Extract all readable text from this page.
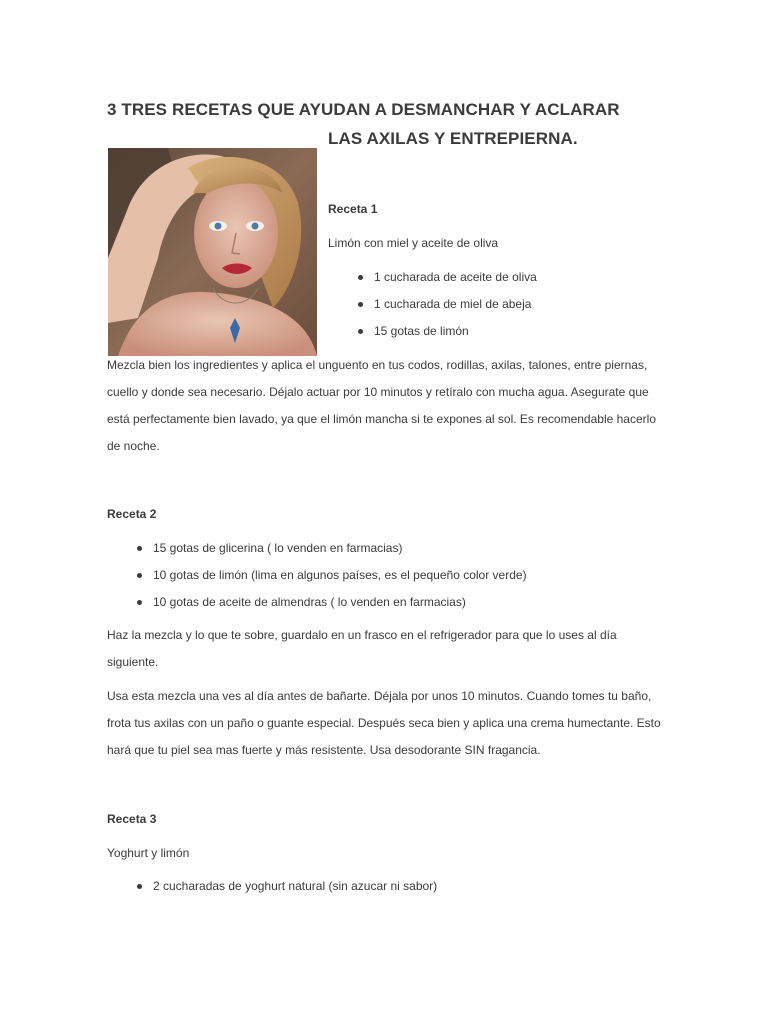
3 TRES RECETAS QUE AYUDAN A DESMANCHAR Y ACLARAR
LAS AXILAS Y ENTREPIERNA.
Receta 1
Limón con miel y aceite de oliva
1 cucharada de aceite de oliva
1 cucharada de miel de abeja
15 gotas de limón
Mezcla bien los ingredientes y aplica el unguento en tus codos, rodillas, axilas, talones, entre piernas,
cuello y donde sea necesario. Déjalo actuar por 10 minutos y retíralo con mucha agua. Asegurate que
está perfectamente bien lavado, ya que el limón mancha si te expones al sol. Es recomendable hacerlo
de noche.
Receta 2
15 gotas de glicerina ( lo venden en farmacias)
10 gotas de limón (lima en algunos países, es el pequeño color verde)
10 gotas de aceite de almendras ( lo venden en farmacias)
Haz la mezcla y lo que te sobre, guardalo en un frasco en el refrigerador para que lo uses al día
siguiente.
Usa esta mezcla una ves al día antes de bañarte. Déjala por unos 10 minutos. Cuando tomes tu baño,
frota tus axilas con un paño o guante especial. Después seca bien y aplica una crema humectante. Esto
hará que tu piel sea mas fuerte y más resistente. Usa desodorante SIN fragancia.
Receta 3
Yoghurt y limón
2 cucharadas de yoghurt natural (sin azucar ni sabor)
